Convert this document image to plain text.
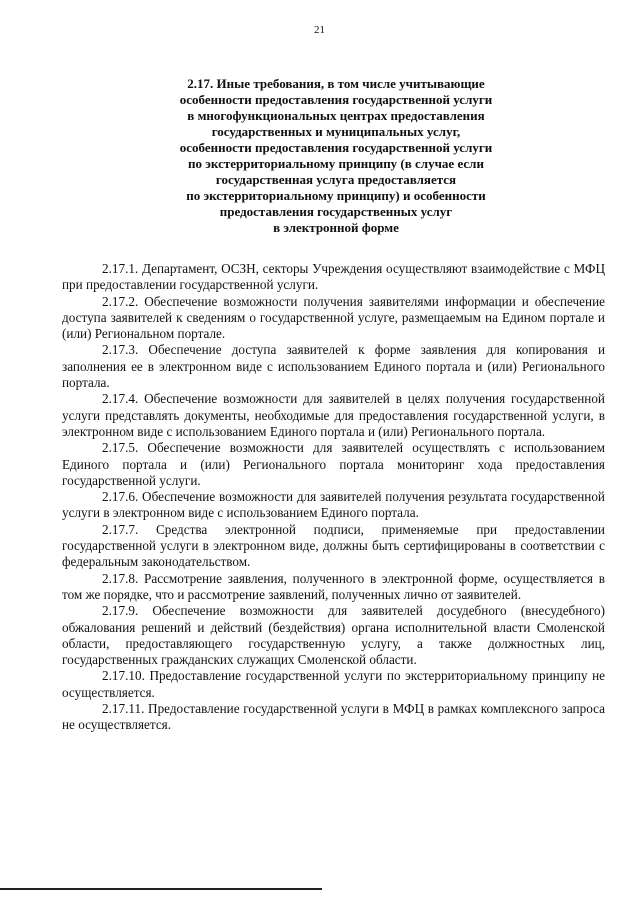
21
2.17. Иные требования, в том числе учитывающие
особенности предоставления государственной услуги
в многофункциональных центрах предоставления
государственных и муниципальных услуг,
особенности предоставления государственной услуги
по экстерриториальному принципу (в случае если
государственная услуга предоставляется
по экстерриториальному принципу) и особенности
предоставления государственных услуг
в электронной форме

2.17.1. Департамент, ОСЗН, секторы Учреждения осуществляют взаимодействие с МФЦ при предоставлении государственной услуги.

2.17.2. Обеспечение возможности получения заявителями информации и обеспечение доступа заявителей к сведениям о государственной услуге, размещаемым на Едином портале и (или) Региональном портале.

2.17.3. Обеспечение доступа заявителей к форме заявления для копирования и заполнения ее в электронном виде с использованием Единого портала и (или) Регионального портала.

2.17.4. Обеспечение возможности для заявителей в целях получения государственной услуги представлять документы, необходимые для предоставления государственной услуги, в электронном виде с использованием Единого портала и (или) Регионального портала.

2.17.5. Обеспечение возможности для заявителей осуществлять с использованием Единого портала и (или) Регионального портала мониторинг хода предоставления государственной услуги.

2.17.6. Обеспечение возможности для заявителей получения результата государственной услуги в электронном виде с использованием Единого портала.

2.17.7. Средства электронной подписи, применяемые при предоставлении государственной услуги в электронном виде, должны быть сертифицированы в соответствии с федеральным законодательством.

2.17.8. Рассмотрение заявления, полученного в электронной форме, осуществляется в том же порядке, что и рассмотрение заявлений, полученных лично от заявителей.

2.17.9. Обеспечение возможности для заявителей досудебного (внесудебного) обжалования решений и действий (бездействия) органа исполнительной власти Смоленской области, предоставляющего государственную услугу, а также должностных лиц, государственных гражданских служащих Смоленской области.

2.17.10. Предоставление государственной услуги по экстерриториальному принципу не осуществляется.

2.17.11. Предоставление государственной услуги в МФЦ в рамках комплексного запроса не осуществляется.
